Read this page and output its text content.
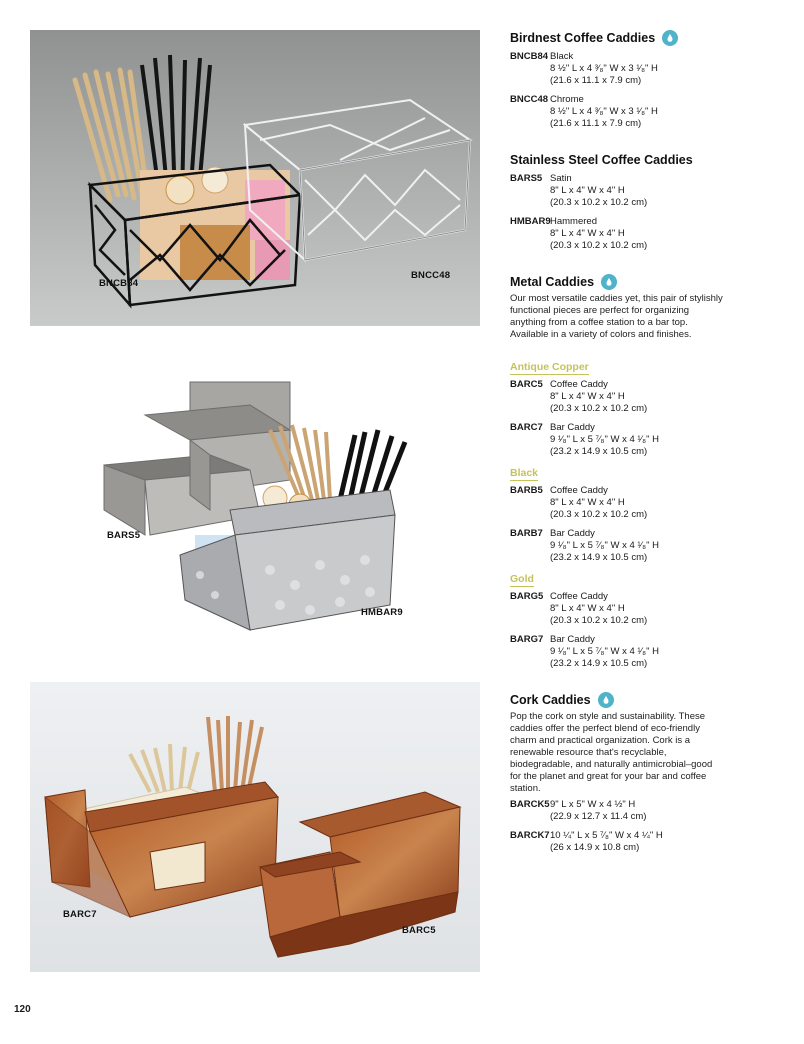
BNCB84
BNCC48
BARS5
HMBAR9
BARC7
BARC5
Birdnest Coffee Caddies
BNCB84 Black
8 ½" L x 4 ³⁄₈" W x 3 ¹⁄₈" H
(21.6 x 11.1 x 7.9 cm)
BNCC48 Chrome
8 ½" L x 4 ³⁄₈" W x 3 ¹⁄₈" H
(21.6 x 11.1 x 7.9 cm)
Stainless Steel Coffee Caddies
BARS5 Satin
8" L x 4" W x 4" H
(20.3 x 10.2 x 10.2 cm)
HMBAR9 Hammered
8" L x 4" W x 4" H
(20.3 x 10.2 x 10.2 cm)
Metal Caddies
Our most versatile caddies yet, this pair of stylishly functional pieces are perfect for organizing anything from a coffee station to a bar top. Available in a variety of colors and finishes.
Antique Copper
BARC5 Coffee Caddy
8" L x 4" W x 4" H
(20.3 x 10.2 x 10.2 cm)
BARC7 Bar Caddy
9 ¹⁄₈" L x 5 ⁷⁄₈" W x 4 ¹⁄₈" H
(23.2 x 14.9 x 10.5 cm)
Black
BARB5 Coffee Caddy
8" L x 4" W x 4" H
(20.3 x 10.2 x 10.2 cm)
BARB7 Bar Caddy
9 ¹⁄₈" L x 5 ⁷⁄₈" W x 4 ¹⁄₈" H
(23.2 x 14.9 x 10.5 cm)
Gold
BARG5 Coffee Caddy
8" L x 4" W x 4" H
(20.3 x 10.2 x 10.2 cm)
BARG7 Bar Caddy
9 ¹⁄₈" L x 5 ⁷⁄₈" W x 4 ¹⁄₈" H
(23.2 x 14.9 x 10.5 cm)
Cork Caddies
Pop the cork on style and sustainability. These caddies offer the perfect blend of eco-friendly charm and practical organization. Cork is a renewable resource that's recyclable, biodegradable, and naturally antimicrobial–good for the planet and great for your bar and coffee station.
BARCK5 9" L x 5" W x 4 ½" H
(22.9 x 12.7 x 11.4 cm)
BARCK7 10 ¼" L x 5 ⁷⁄₈" W x 4 ¼" H
(26 x 14.9 x 10.8 cm)
120
